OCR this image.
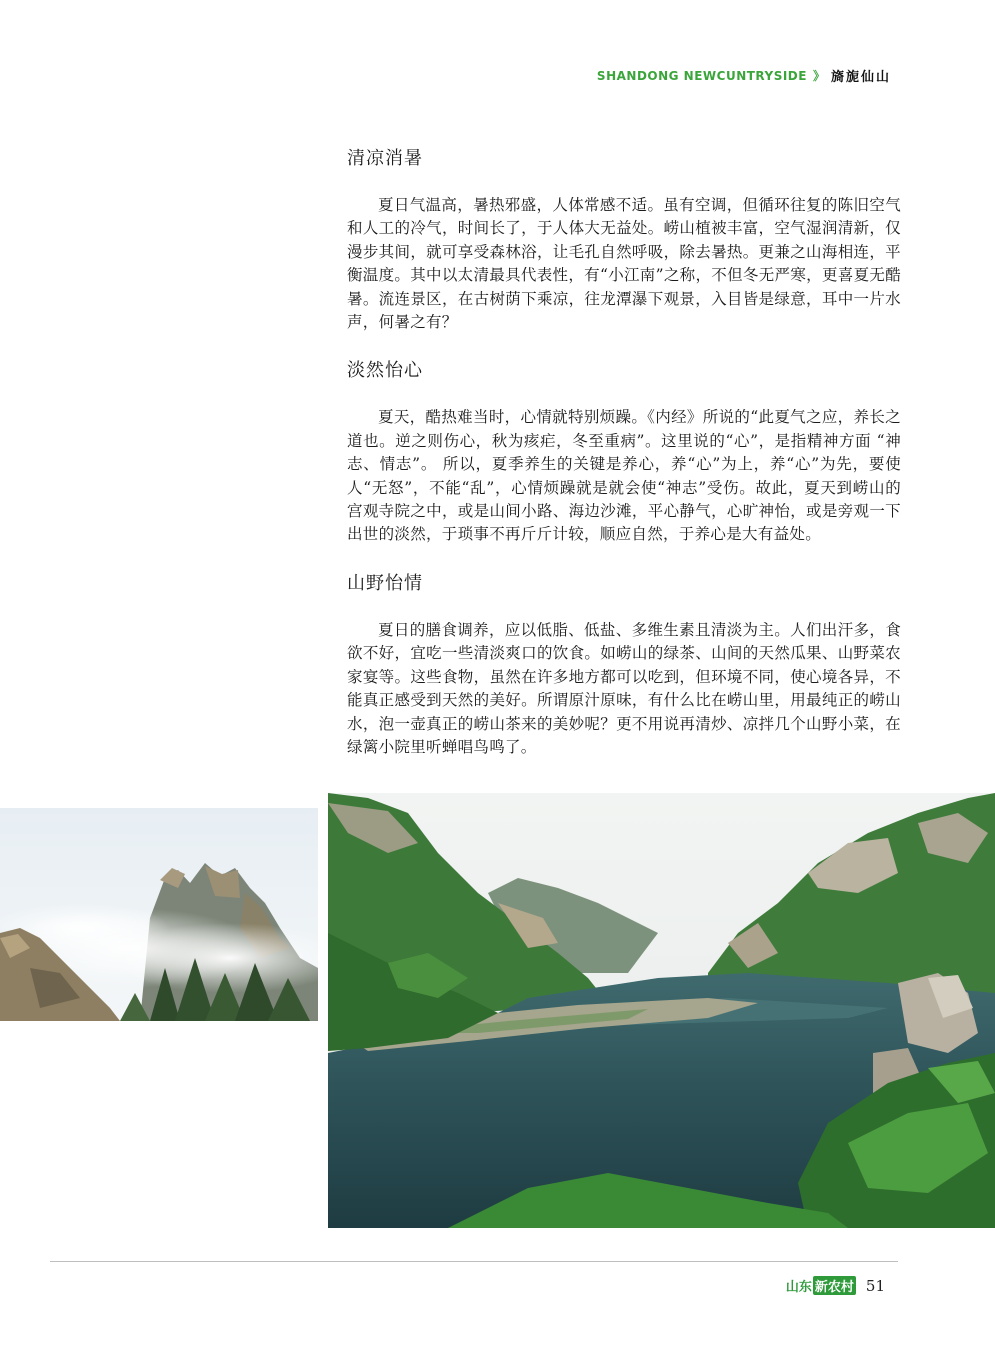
SHANDONG NEWCUNTRYSIDE 》 旖旎仙山
清凉消暑

夏日气温高，暑热邪盛，人体常感不适。虽有空调，但循环往复的陈旧空气和人工的冷气，时间长了，于人体大无益处。崂山植被丰富，空气湿润清新，仅漫步其间，就可享受森林浴，让毛孔自然呼吸，除去暑热。更兼之山海相连，平衡温度。其中以太清最具代表性，有“小江南”之称，不但冬无严寒，更喜夏无酷暑。流连景区，在古树荫下乘凉，往龙潭瀑下观景，入目皆是绿意，耳中一片水声，何暑之有？

淡然怡心

夏天，酷热难当时，心情就特别烦躁。《内经》所说的“此夏气之应，养长之道也。逆之则伤心，秋为痎疟，冬至重病”。这里说的“心”，是指精神方面 “神志、情志”。 所以，夏季养生的关键是养心，养“心”为上，养“心”为先，要使人“无怒”，不能“乱”，心情烦躁就是就会使“神志”受伤。故此，夏天到崂山的宫观寺院之中，或是山间小路、海边沙滩，平心静气，心旷神怡，或是旁观一下出世的淡然，于琐事不再斤斤计较，顺应自然，于养心是大有益处。

山野怡情

夏日的膳食调养，应以低脂、低盐、多维生素且清淡为主。人们出汗多，食欲不好，宜吃一些清淡爽口的饮食。如崂山的绿茶、山间的天然瓜果、山野菜农家宴等。这些食物，虽然在许多地方都可以吃到，但环境不同，使心境各异，不能真正感受到天然的美好。所谓原汁原味，有什么比在崂山里，用最纯正的崂山水，泡一壶真正的崂山茶来的美妙呢？更不用说再清炒、凉拌几个山野小菜，在绿篱小院里听蝉唱鸟鸣了。

山东 新农村 51
